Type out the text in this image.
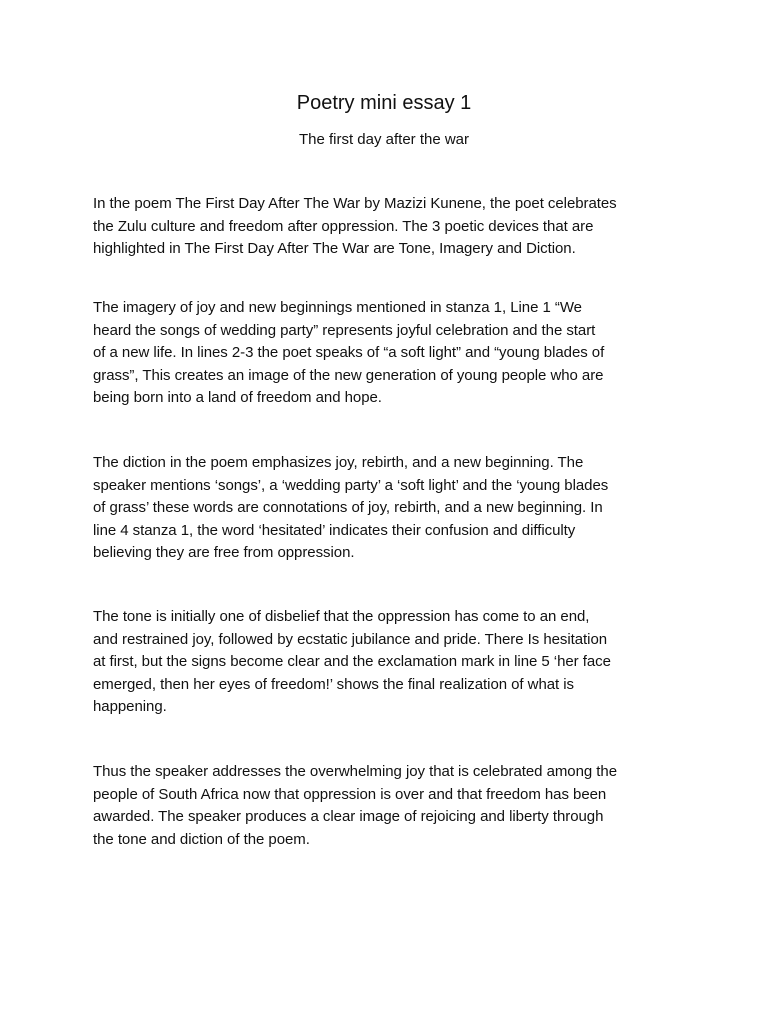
Poetry mini essay 1

The first day after the war

In the poem The First Day After The War by Mazizi Kunene, the poet celebrates
the Zulu culture and freedom after oppression. The 3 poetic devices that are
highlighted in The First Day After The War are Tone, Imagery and Diction.

The imagery of joy and new beginnings mentioned in stanza 1, Line 1 “We
heard the songs of wedding party” represents joyful celebration and the start
of a new life. In lines 2-3 the poet speaks of “a soft light” and “young blades of
grass”, This creates an image of the new generation of young people who are
being born into a land of freedom and hope.

The diction in the poem emphasizes joy, rebirth, and a new beginning. The
speaker mentions ‘songs’, a ‘wedding party’ a ‘soft light’ and the ‘young blades
of grass’ these words are connotations of joy, rebirth, and a new beginning. In
line 4 stanza 1, the word ‘hesitated’ indicates their confusion and difficulty
believing they are free from oppression.

The tone is initially one of disbelief that the oppression has come to an end,
and restrained joy, followed by ecstatic jubilance and pride. There Is hesitation
at first, but the signs become clear and the exclamation mark in line 5 ‘her face
emerged, then her eyes of freedom!’ shows the final realization of what is
happening.

Thus the speaker addresses the overwhelming joy that is celebrated among the
people of South Africa now that oppression is over and that freedom has been
awarded. The speaker produces a clear image of rejoicing and liberty through
the tone and diction of the poem.
